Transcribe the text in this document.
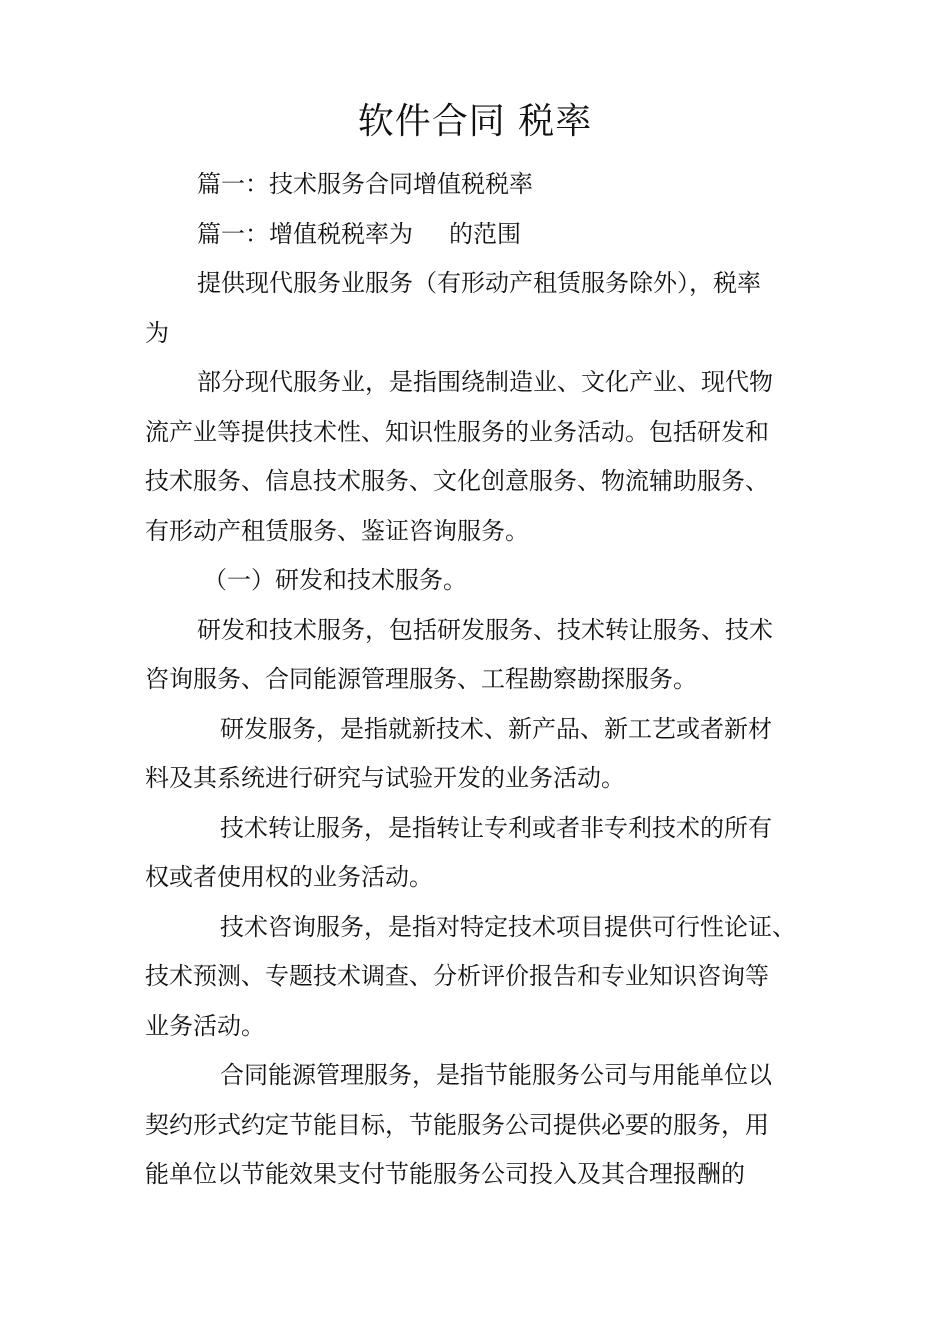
软件合同 税率

篇一：技术服务合同增值税税率

篇一：增值税税率为 的范围

提供现代服务业服务（有形动产租赁服务除外），税率
为

部分现代服务业，是指围绕制造业、文化产业、现代物
流产业等提供技术性、知识性服务的业务活动。包括研发和
技术服务、信息技术服务、文化创意服务、物流辅助服务、
有形动产租赁服务、鉴证咨询服务。

（一）研发和技术服务。

研发和技术服务，包括研发服务、技术转让服务、技术
咨询服务、合同能源管理服务、工程勘察勘探服务。

研发服务，是指就新技术、新产品、新工艺或者新材
料及其系统进行研究与试验开发的业务活动。

技术转让服务，是指转让专利或者非专利技术的所有
权或者使用权的业务活动。

技术咨询服务，是指对特定技术项目提供可行性论证、
技术预测、专题技术调查、分析评价报告和专业知识咨询等
业务活动。

合同能源管理服务，是指节能服务公司与用能单位以
契约形式约定节能目标，节能服务公司提供必要的服务，用
能单位以节能效果支付节能服务公司投入及其合理报酬的
